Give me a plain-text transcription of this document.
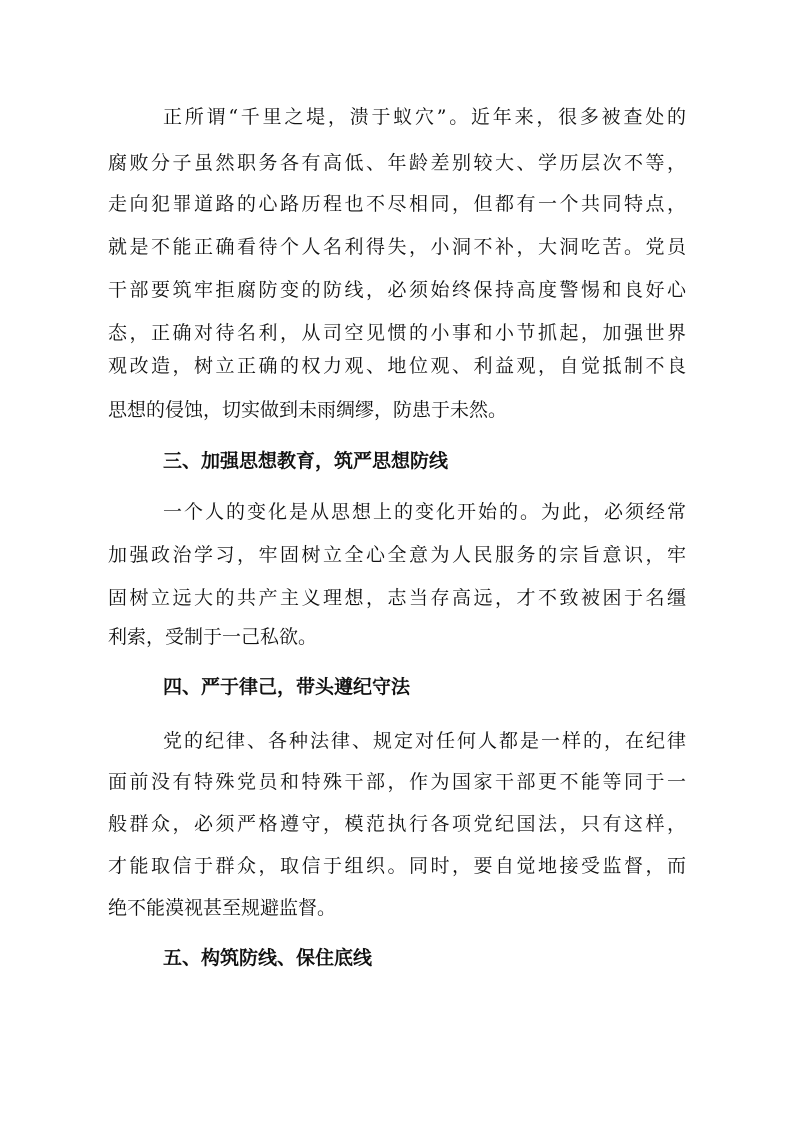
正所谓“千里之堤，溃于蚁穴”。近年来，很多被查处的
腐败分子虽然职务各有高低、年龄差别较大、学历层次不等，
走向犯罪道路的心路历程也不尽相同，但都有一个共同特点，
就是不能正确看待个人名利得失，小洞不补，大洞吃苦。党员
干部要筑牢拒腐防变的防线，必须始终保持高度警惕和良好心
态，正确对待名利，从司空见惯的小事和小节抓起，加强世界
观改造，树立正确的权力观、地位观、利益观，自觉抵制不良
思想的侵蚀，切实做到未雨绸缪，防患于未然。
三、加强思想教育，筑严思想防线
一个人的变化是从思想上的变化开始的。为此，必须经常
加强政治学习，牢固树立全心全意为人民服务的宗旨意识，牢
固树立远大的共产主义理想，志当存高远，才不致被困于名缰
利索，受制于一己私欲。
四、严于律己，带头遵纪守法
党的纪律、各种法律、规定对任何人都是一样的，在纪律
面前没有特殊党员和特殊干部，作为国家干部更不能等同于一
般群众，必须严格遵守，模范执行各项党纪国法，只有这样，
才能取信于群众，取信于组织。同时，要自觉地接受监督，而
绝不能漠视甚至规避监督。
五、构筑防线、保住底线
